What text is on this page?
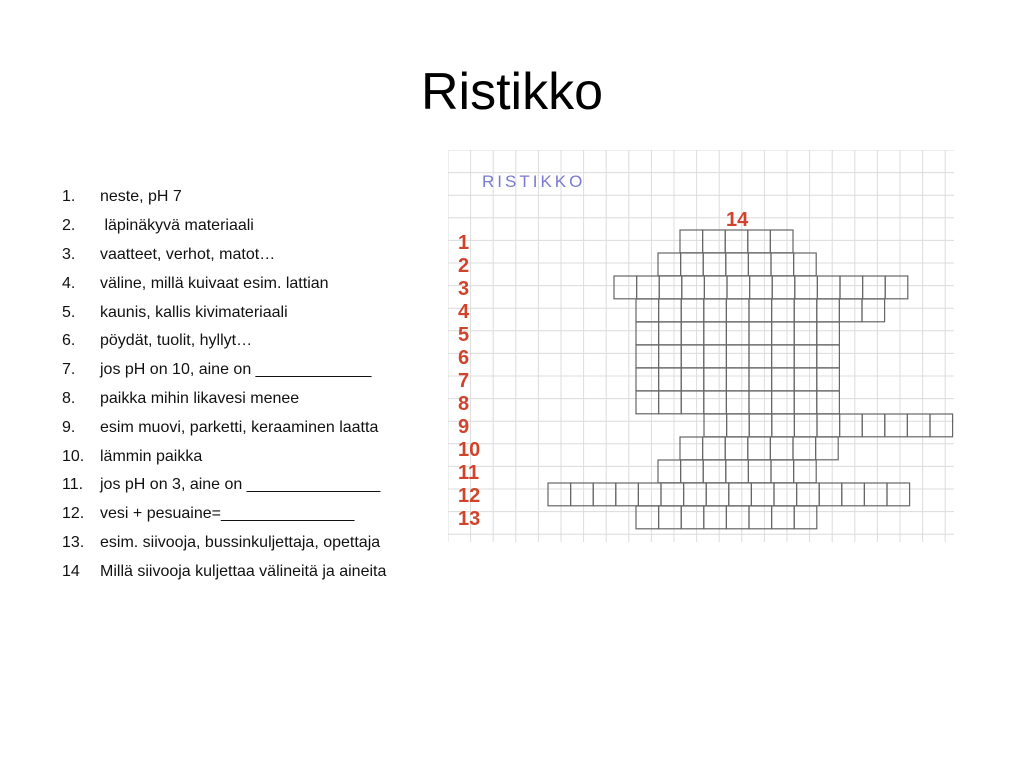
Ristikko
1.	neste, pH 7
2.	läpinäkyvä materiaali
3.	vaatteet, verhot, matot…
4.	väline, millä kuivaat esim. lattian
5.	kaunis, kallis kivimateriaali
6.	pöydät, tuolit, hyllyt…
7.	jos pH on 10, aine on _____________
8.	paikka mihin likavesi menee
9.	esim muovi, parketti, keraaminen laatta
10. lämmin paikka
11.	jos pH on 3, aine on _______________
12. vesi + pesuaine=_______________
13. esim. siivooja, bussinkuljettaja, opettaja
14	Millä siivooja kuljettaa välineitä ja aineita
RISTIKKO
14
1
2
3
4
5
6
7
8
9
10
11
12
13
